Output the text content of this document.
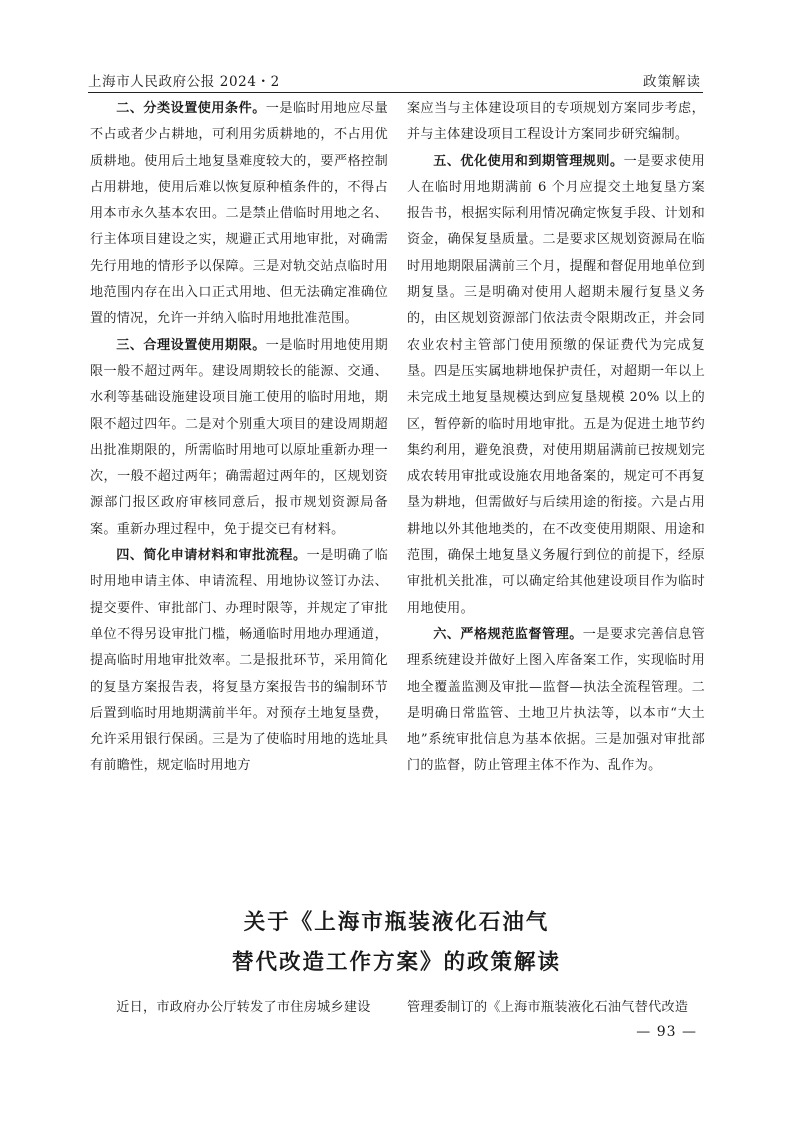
上海市人民政府公报 2024・2	政策解读

二、分类设置使用条件。一是临时用地应尽量不占或者少占耕地，可利用劣质耕地的，不占用优质耕地。使用后土地复垦难度较大的，要严格控制占用耕地，使用后难以恢复原种植条件的，不得占用本市永久基本农田。二是禁止借临时用地之名、行主体项目建设之实，规避正式用地审批，对确需先行用地的情形予以保障。三是对轨交站点临时用地范围内存在出入口正式用地、但无法确定准确位置的情况，允许一并纳入临时用地批准范围。

三、合理设置使用期限。一是临时用地使用期限一般不超过两年。建设周期较长的能源、交通、水利等基础设施建设项目施工使用的临时用地，期限不超过四年。二是对个别重大项目的建设周期超出批准期限的，所需临时用地可以原址重新办理一次，一般不超过两年；确需超过两年的，区规划资源部门报区政府审核同意后，报市规划资源局备案。重新办理过程中，免于提交已有材料。

四、简化申请材料和审批流程。一是明确了临时用地申请主体、申请流程、用地协议签订办法、提交要件、审批部门、办理时限等，并规定了审批单位不得另设审批门槛，畅通临时用地办理通道，提高临时用地审批效率。二是报批环节，采用简化的复垦方案报告表，将复垦方案报告书的编制环节后置到临时用地期满前半年。对预存土地复垦费，允许采用银行保函。三是为了使临时用地的选址具有前瞻性，规定临时用地方

案应当与主体建设项目的专项规划方案同步考虑，并与主体建设项目工程设计方案同步研究编制。

五、优化使用和到期管理规则。一是要求使用人在临时用地期满前 6 个月应提交土地复垦方案报告书，根据实际利用情况确定恢复手段、计划和资金，确保复垦质量。二是要求区规划资源局在临时用地期限届满前三个月，提醒和督促用地单位到期复垦。三是明确对使用人超期未履行复垦义务的，由区规划资源部门依法责令限期改正，并会同农业农村主管部门使用预缴的保证费代为完成复垦。四是压实属地耕地保护责任，对超期一年以上未完成土地复垦规模达到应复垦规模 20% 以上的区，暂停新的临时用地审批。五是为促进土地节约集约利用，避免浪费，对使用期届满前已按规划完成农转用审批或设施农用地备案的，规定可不再复垦为耕地，但需做好与后续用途的衔接。六是占用耕地以外其他地类的，在不改变使用期限、用途和范围，确保土地复垦义务履行到位的前提下，经原审批机关批准，可以确定给其他建设项目作为临时用地使用。

六、严格规范监督管理。一是要求完善信息管理系统建设并做好上图入库备案工作，实现临时用地全覆盖监测及审批—监督—执法全流程管理。二是明确日常监管、土地卫片执法等，以本市“大土地”系统审批信息为基本依据。三是加强对审批部门的监督，防止管理主体不作为、乱作为。

关于《上海市瓶装液化石油气
替代改造工作方案》的政策解读
近日，市政府办公厅转发了市住房城乡建设	管理委制订的《上海市瓶装液化石油气替代改造
— 93 —
